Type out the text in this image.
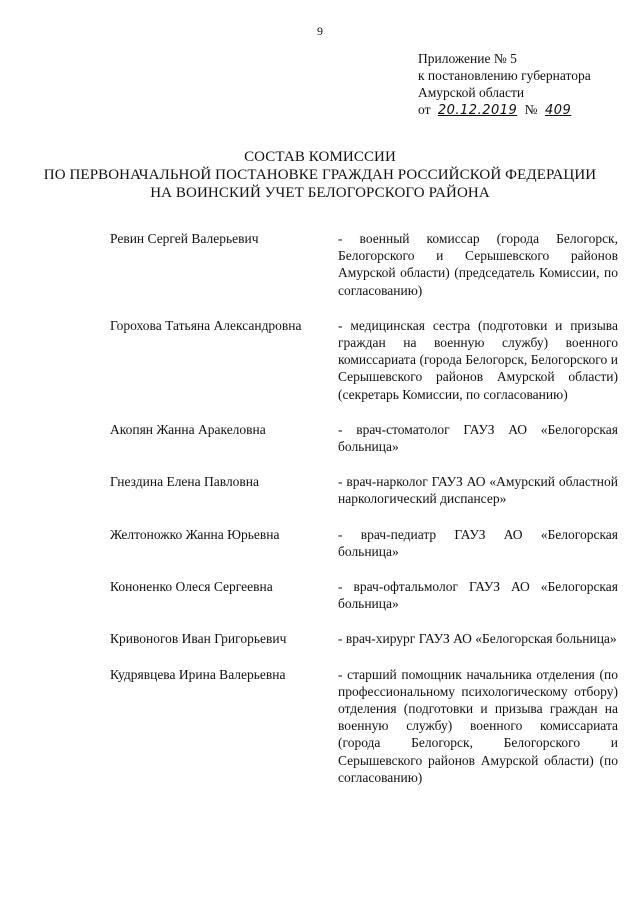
9
Приложение № 5
к постановлению губернатора
Амурской области
от 20.12.2019 № 409
СОСТАВ КОМИССИИ
ПО ПЕРВОНАЧАЛЬНОЙ ПОСТАНОВКЕ ГРАЖДАН РОССИЙСКОЙ ФЕДЕРАЦИИ
НА ВОИНСКИЙ УЧЕТ БЕЛОГОРСКОГО РАЙОНА
Ревин Сергей Валерьевич	- военный комиссар (города Белогорск, Белогорского и Серышевского районов Амурской области) (председатель Комиссии, по согласованию)
Горохова Татьяна Александровна	- медицинская сестра (подготовки и призыва граждан на военную службу) военного комиссариата (города Белогорск, Белогорского и Серышевского районов Амурской области) (секретарь Комиссии, по согласованию)
Акопян Жанна Аракеловна	- врач-стоматолог ГАУЗ АО «Белогорская больница»
Гнездина Елена Павловна	- врач-нарколог ГАУЗ АО «Амурский областной наркологический диспансер»
Желтоножко Жанна Юрьевна	- врач-педиатр ГАУЗ АО «Белогорская больница»
Кононенко Олеся Сергеевна	- врач-офтальмолог ГАУЗ АО «Белогорская больница»
Кривоногов Иван Григорьевич	- врач-хирург ГАУЗ АО «Белогорская больница»
Кудрявцева Ирина Валерьевна	- старший помощник начальника отделения (по профессиональному психологическому отбору) отделения (подготовки и призыва граждан на военную службу) военного комиссариата (города Белогорск, Белогорского и Серышевского районов Амурской области) (по согласованию)
